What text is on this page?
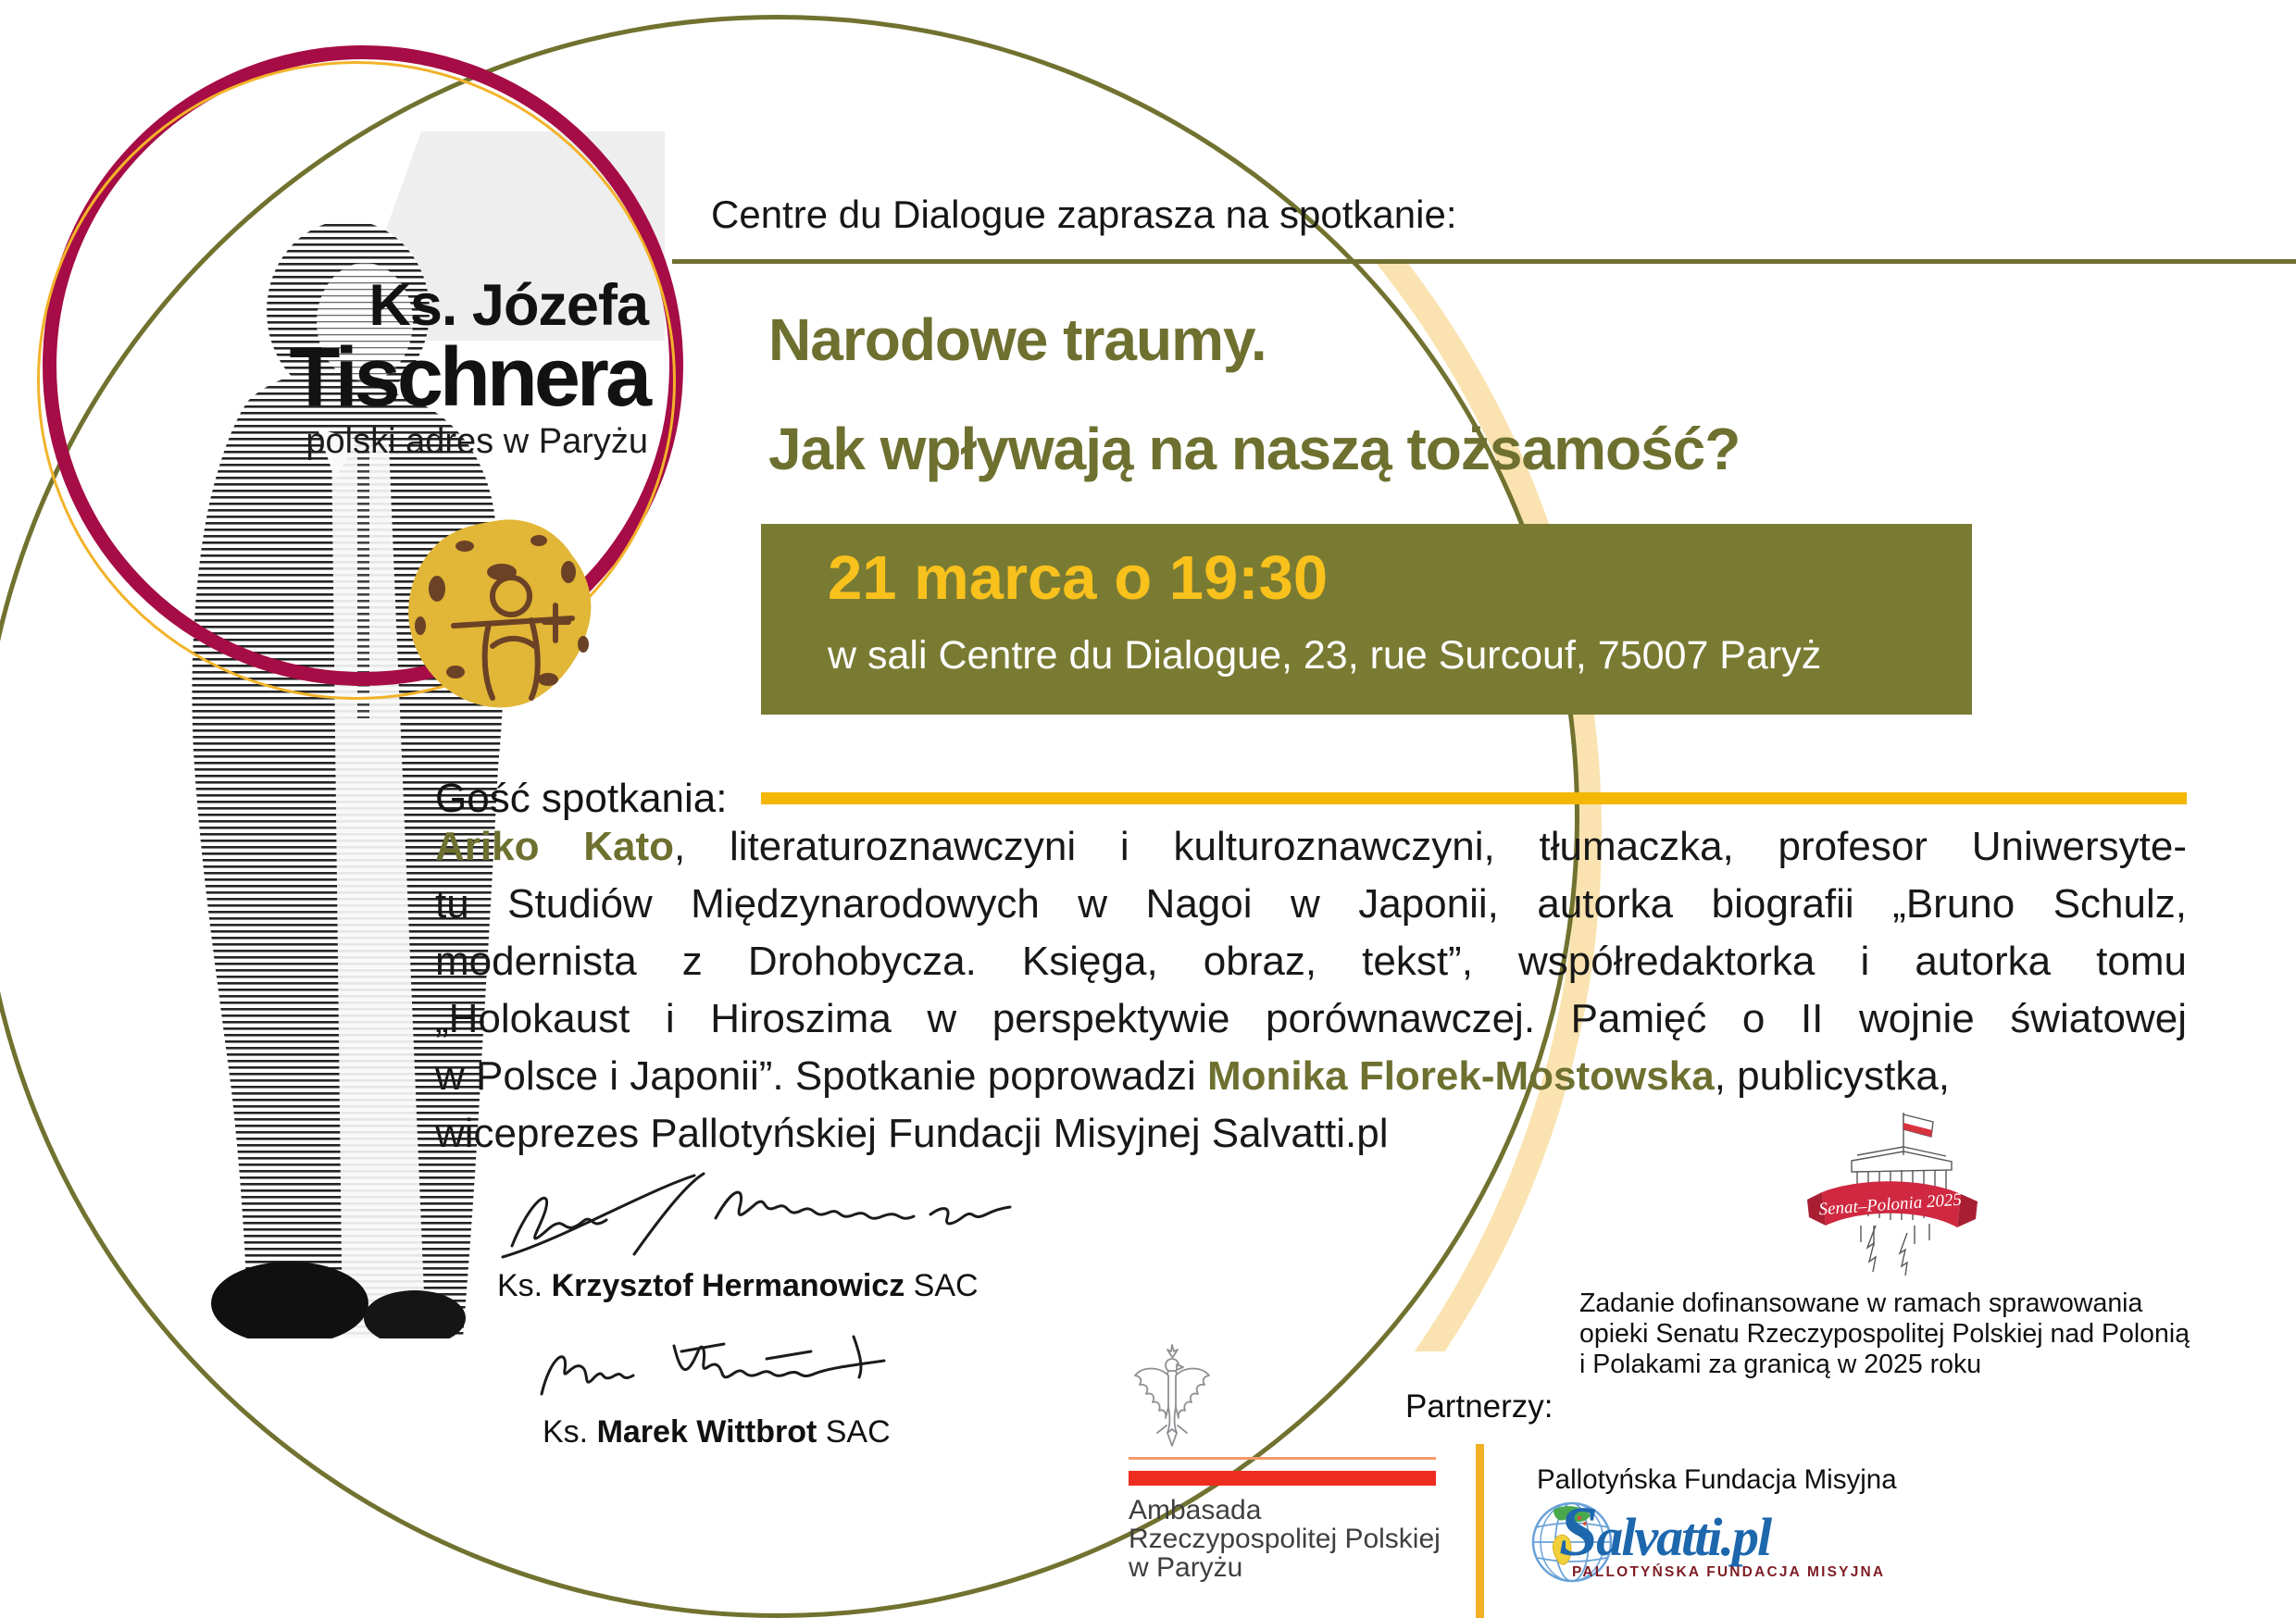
Ks. Józefa
Tischnera
polski adres w Paryżu
Centre du Dialogue zaprasza na spotkanie:
Narodowe traumy.
Jak wpływają na naszą tożsamość?
21 marca o 19:30
w sali Centre du Dialogue, 23, rue Surcouf, 75007 Paryż
Gość spotkania:
Ariko Kato, literaturoznawczyni i kulturoznawczyni, tłumaczka, profesor Uniwersyte-
tu Studiów Międzynarodowych w Nagoi w Japonii, autorka biografii „Bruno Schulz,
modernista z Drohobycza. Księga, obraz, tekst”, współredaktorka i autorka tomu
„Holokaust i Hiroszima w perspektywie porównawczej. Pamięć o II wojnie światowej
w Polsce i Japonii”. Spotkanie poprowadzi Monika Florek-Mostowska, publicystka,
wiceprezes Pallotyńskiej Fundacji Misyjnej Salvatti.pl
Ks. Krzysztof Hermanowicz SAC
Ks. Marek Wittbrot SAC
Senat–Polonia 2025
Zadanie dofinansowane w ramach sprawowania
opieki Senatu Rzeczypospolitej Polskiej nad Polonią
i Polakami za granicą w 2025 roku
Partnerzy:
Ambasada
Rzeczypospolitej Polskiej
w Paryżu
Pallotyńska Fundacja Misyjna
Salvatti.pl
PALLOTYŃSKA FUNDACJA MISYJNA
